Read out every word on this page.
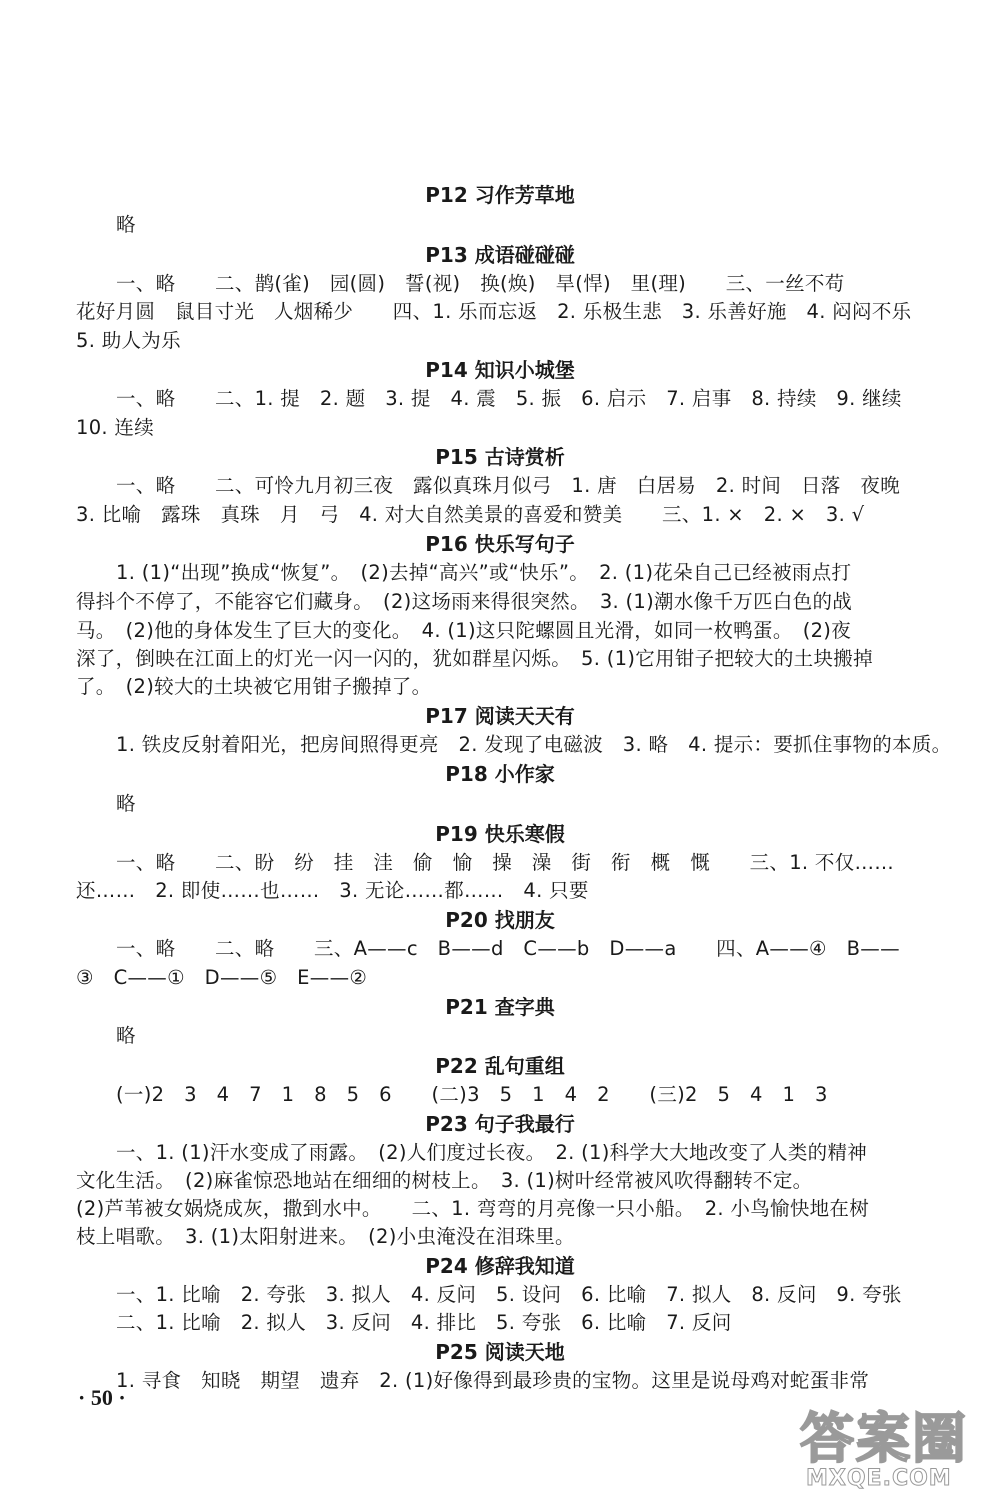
P12 习作芳草地
略
P13 成语碰碰碰
一、略　　二、鹊(雀)　园(圆)　誓(视)　换(焕)　旱(悍)　里(理)　　三、一丝不苟
花好月圆　鼠目寸光　人烟稀少　　四、1. 乐而忘返　2. 乐极生悲　3. 乐善好施　4. 闷闷不乐
5. 助人为乐
P14 知识小城堡
一、略　　二、1. 提　2. 题　3. 提　4. 震　5. 振　6. 启示　7. 启事　8. 持续　9. 继续
10. 连续
P15 古诗赏析
一、略　　二、可怜九月初三夜　露似真珠月似弓　1. 唐　白居易　2. 时间　日落　夜晚
3. 比喻　露珠　真珠　月　弓　4. 对大自然美景的喜爱和赞美　　三、1. ×　2. ×　3. √
P16 快乐写句子
1. (1)“出现”换成“恢复”。　(2)去掉“高兴”或“快乐”。　2. (1)花朵自己已经被雨点打
得抖个不停了，不能容它们藏身。　(2)这场雨来得很突然。　3. (1)潮水像千万匹白色的战
马。　(2)他的身体发生了巨大的变化。　4. (1)这只陀螺圆且光滑，如同一枚鸭蛋。　(2)夜
深了，倒映在江面上的灯光一闪一闪的，犹如群星闪烁。　5. (1)它用钳子把较大的土块搬掉
了。　(2)较大的土块被它用钳子搬掉了。
P17 阅读天天有
1. 铁皮反射着阳光，把房间照得更亮　2. 发现了电磁波　3. 略　4. 提示：要抓住事物的本质。
P18 小作家
略
P19 快乐寒假
一、略　　二、盼　纷　挂　洼　偷　愉　操　澡　街　衔　概　慨　　三、1. 不仅……
还……　2. 即使……也……　3. 无论……都……　4. 只要
P20 找朋友
一、略　　二、略　　三、A——c　B——d　C——b　D——a　　四、A——④　B——
③　C——①　D——⑤　E——②
P21 查字典
略
P22 乱句重组
(一)2　3　4　7　1　8　5　6　　(二)3　5　1　4　2　　(三)2　5　4　1　3
P23 句子我最行
一、1. (1)汗水变成了雨露。　(2)人们度过长夜。　2. (1)科学大大地改变了人类的精神
文化生活。　(2)麻雀惊恐地站在细细的树枝上。　3. (1)树叶经常被风吹得翻转不定。
(2)芦苇被女娲烧成灰，撒到水中。　　二、1. 弯弯的月亮像一只小船。　2. 小鸟愉快地在树
枝上唱歌。　3. (1)太阳射进来。　(2)小虫淹没在泪珠里。
P24 修辞我知道
一、1. 比喻　2. 夸张　3. 拟人　4. 反问　5. 设问　6. 比喻　7. 拟人　8. 反问　9. 夸张
二、1. 比喻　2. 拟人　3. 反问　4. 排比　5. 夸张　6. 比喻　7. 反问
P25 阅读天地
1. 寻食　知晓　期望　遗弃　2. (1)好像得到最珍贵的宝物。这里是说母鸡对蛇蛋非常
· 50 ·
答案圈
MXQE.COM
